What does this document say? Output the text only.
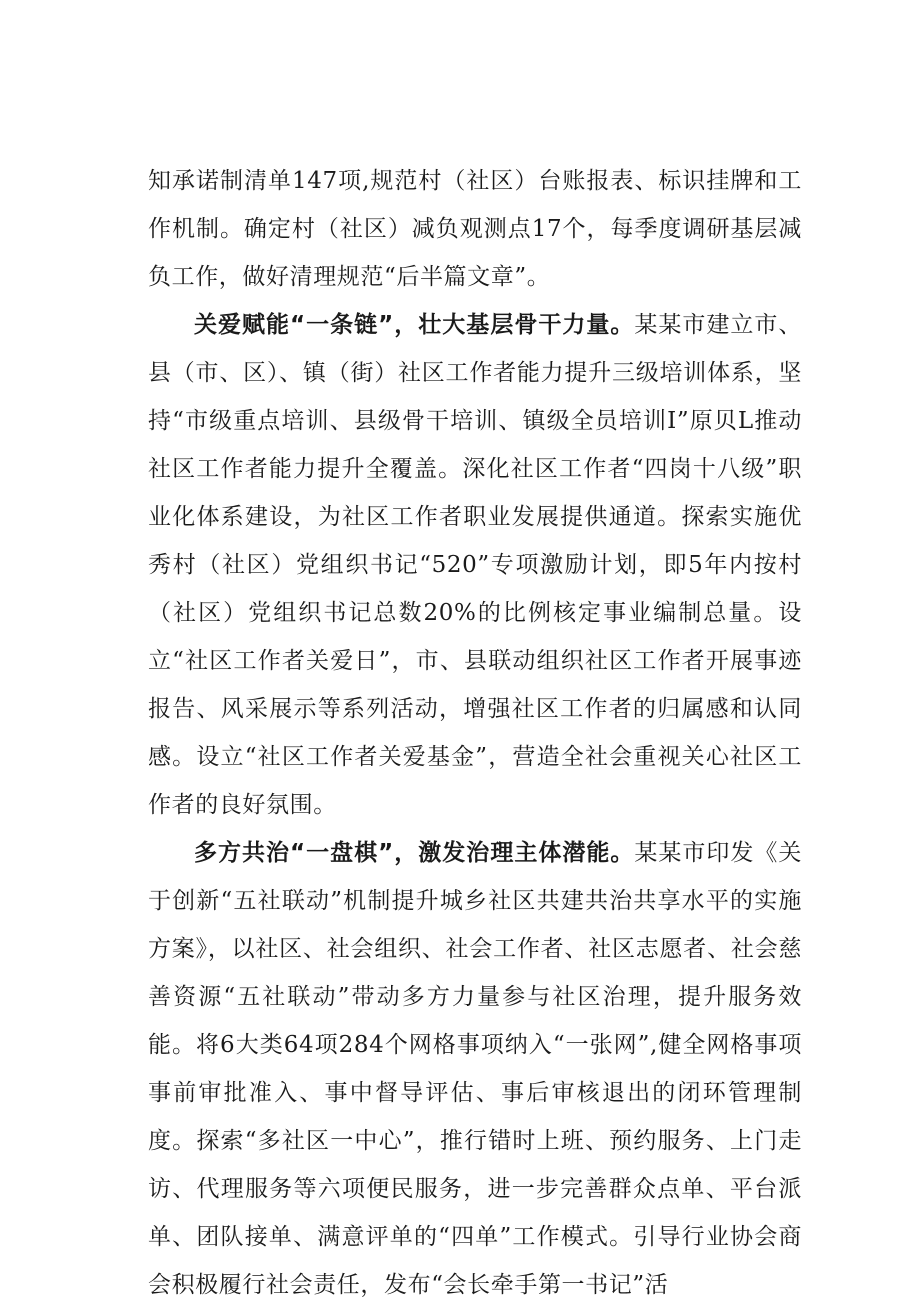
知承诺制清单147项,规范村（社区）台账报表、标识挂牌和工作机制。确定村（社区）减负观测点17个，每季度调研基层减负工作，做好清理规范“后半篇文章”。

关爱赋能“一条链”，壮大基层骨干力量。某某市建立市、县（市、区）、镇（街）社区工作者能力提升三级培训体系，坚持“市级重点培训、县级骨干培训、镇级全员培训I”原贝L推动社区工作者能力提升全覆盖。深化社区工作者“四岗十八级”职业化体系建设，为社区工作者职业发展提供通道。探索实施优秀村（社区）党组织书记“520”专项激励计划，即5年内按村（社区）党组织书记总数20%的比例核定事业编制总量。设立“社区工作者关爱日”，市、县联动组织社区工作者开展事迹报告、风采展示等系列活动，增强社区工作者的归属感和认同感。设立“社区工作者关爱基金”，营造全社会重视关心社区工作者的良好氛围。

多方共治“一盘棋”，激发治理主体潜能。某某市印发《关于创新“五社联动”机制提升城乡社区共建共治共享水平的实施方案》，以社区、社会组织、社会工作者、社区志愿者、社会慈善资源“五社联动”带动多方力量参与社区治理，提升服务效能。将6大类64项284个网格事项纳入“一张网”,健全网格事项事前审批准入、事中督导评估、事后审核退出的闭环管理制度。探索“多社区一中心”，推行错时上班、预约服务、上门走访、代理服务等六项便民服务，进一步完善群众点单、平台派单、团队接单、满意评单的“四单”工作模式。引导行业协会商会积极履行社会责任，发布“会长牵手第一书记”活
